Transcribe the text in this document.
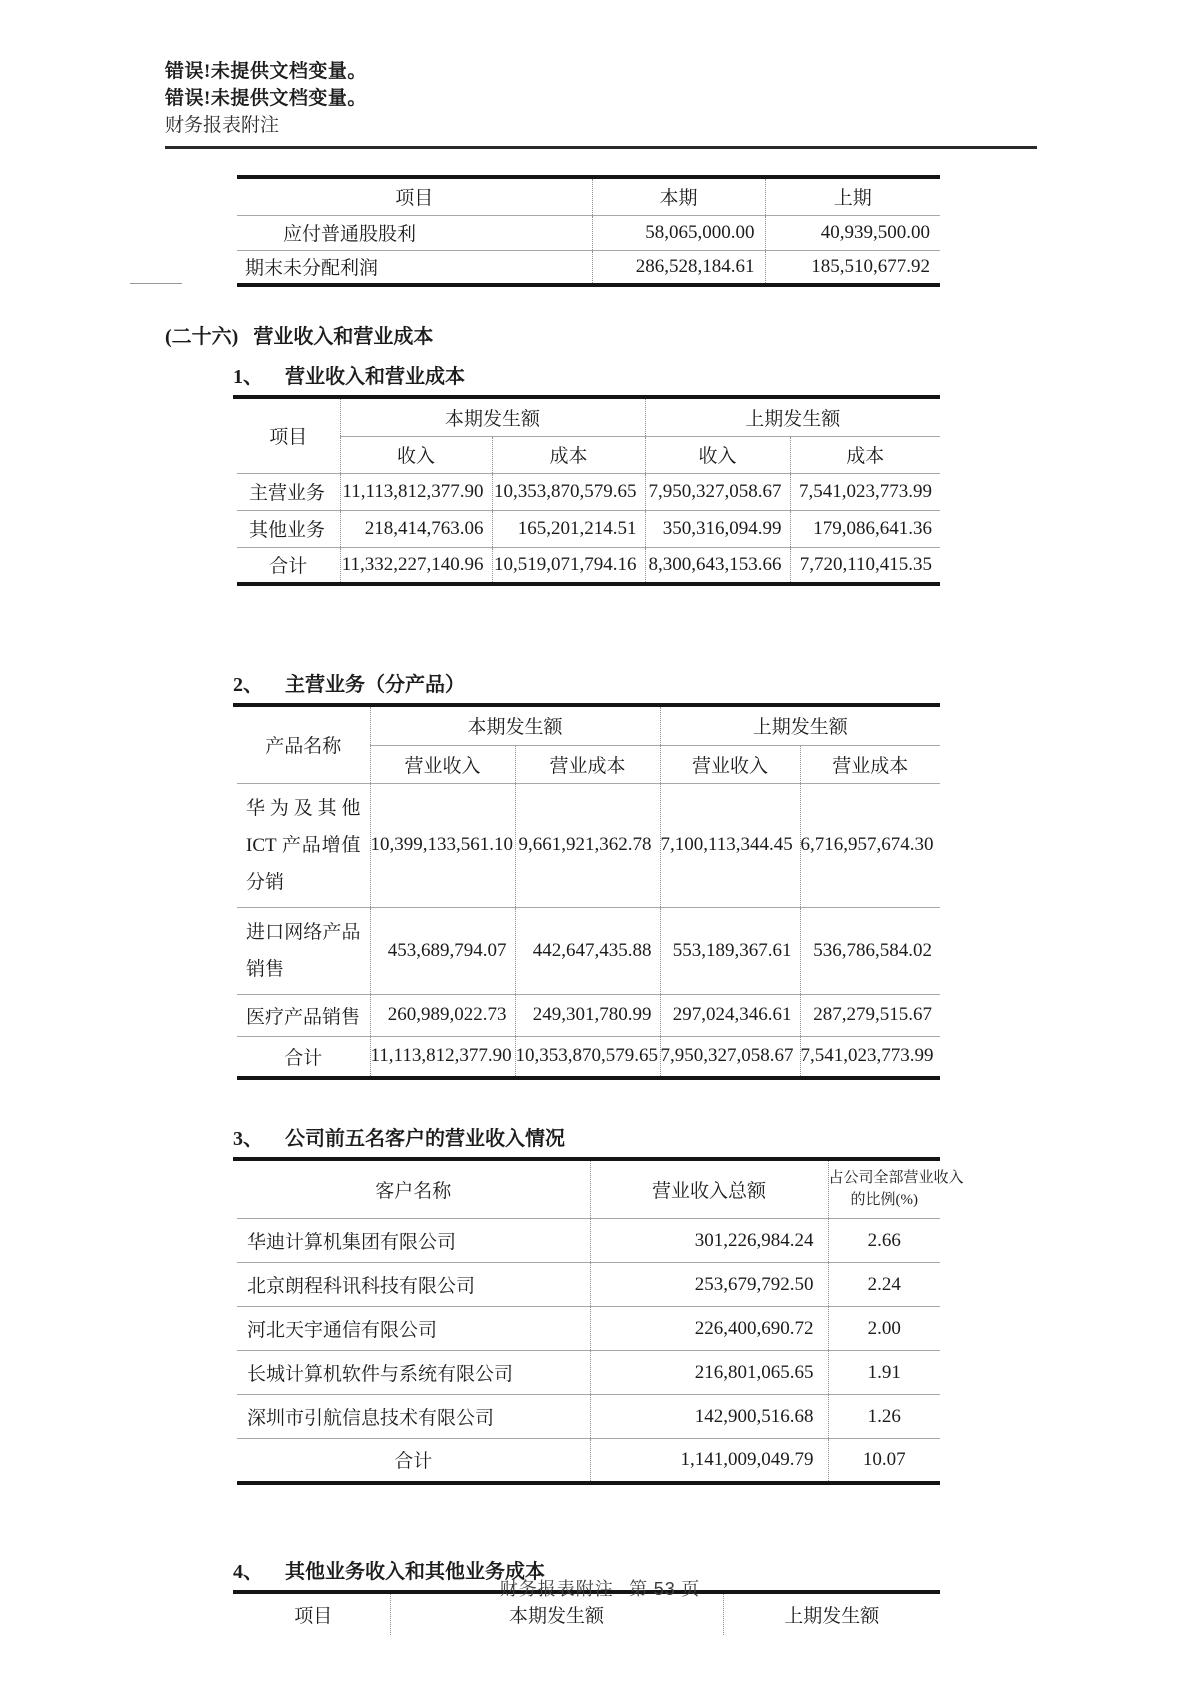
错误!未提供文档变量。
错误!未提供文档变量。
财务报表附注
项目	本期	上期
应付普通股股利	58,065,000.00	40,939,500.00
期末未分配利润	286,528,184.61	185,510,677.92
(二十六) 营业收入和营业成本
1、 营业收入和营业成本
项目	本期发生额		上期发生额	
	收入	成本	收入	成本
主营业务	11,113,812,377.90	10,353,870,579.65	7,950,327,058.67	7,541,023,773.99
其他业务	218,414,763.06	165,201,214.51	350,316,094.99	179,086,641.36
合计	11,332,227,140.96	10,519,071,794.16	8,300,643,153.66	7,720,110,415.35
2、 主营业务（分产品）
产品名称	本期发生额		上期发生额	
	营业收入	营业成本	营业收入	营业成本

华为及其他
ICT 产品增值
分销	10,399,133,561.10	9,661,921,362.78	7,100,113,344.45	6,716,957,674.30

进口网络产品
销售	453,689,794.07	442,647,435.88	553,189,367.61	536,786,584.02
医疗产品销售	260,989,022.73	249,301,780.99	297,024,346.61	287,279,515.67
合计	11,113,812,377.90	10,353,870,579.65	7,950,327,058.67	7,541,023,773.99
3、 公司前五名客户的营业收入情况
客户名称	营业收入总额	占公司全部营业收入
的比例(%)

华迪计算机集团有限公司	301,226,984.24	2.66
北京朗程科讯科技有限公司	253,679,792.50	2.24
河北天宇通信有限公司	226,400,690.72	2.00
长城计算机软件与系统有限公司	216,801,065.65	1.91
深圳市引航信息技术有限公司	142,900,516.68	1.26
合计	1,141,009,049.79	10.07
4、 其他业务收入和其他业务成本
项目	本期发生额	上期发生额
财务报表附注 第 53 页
